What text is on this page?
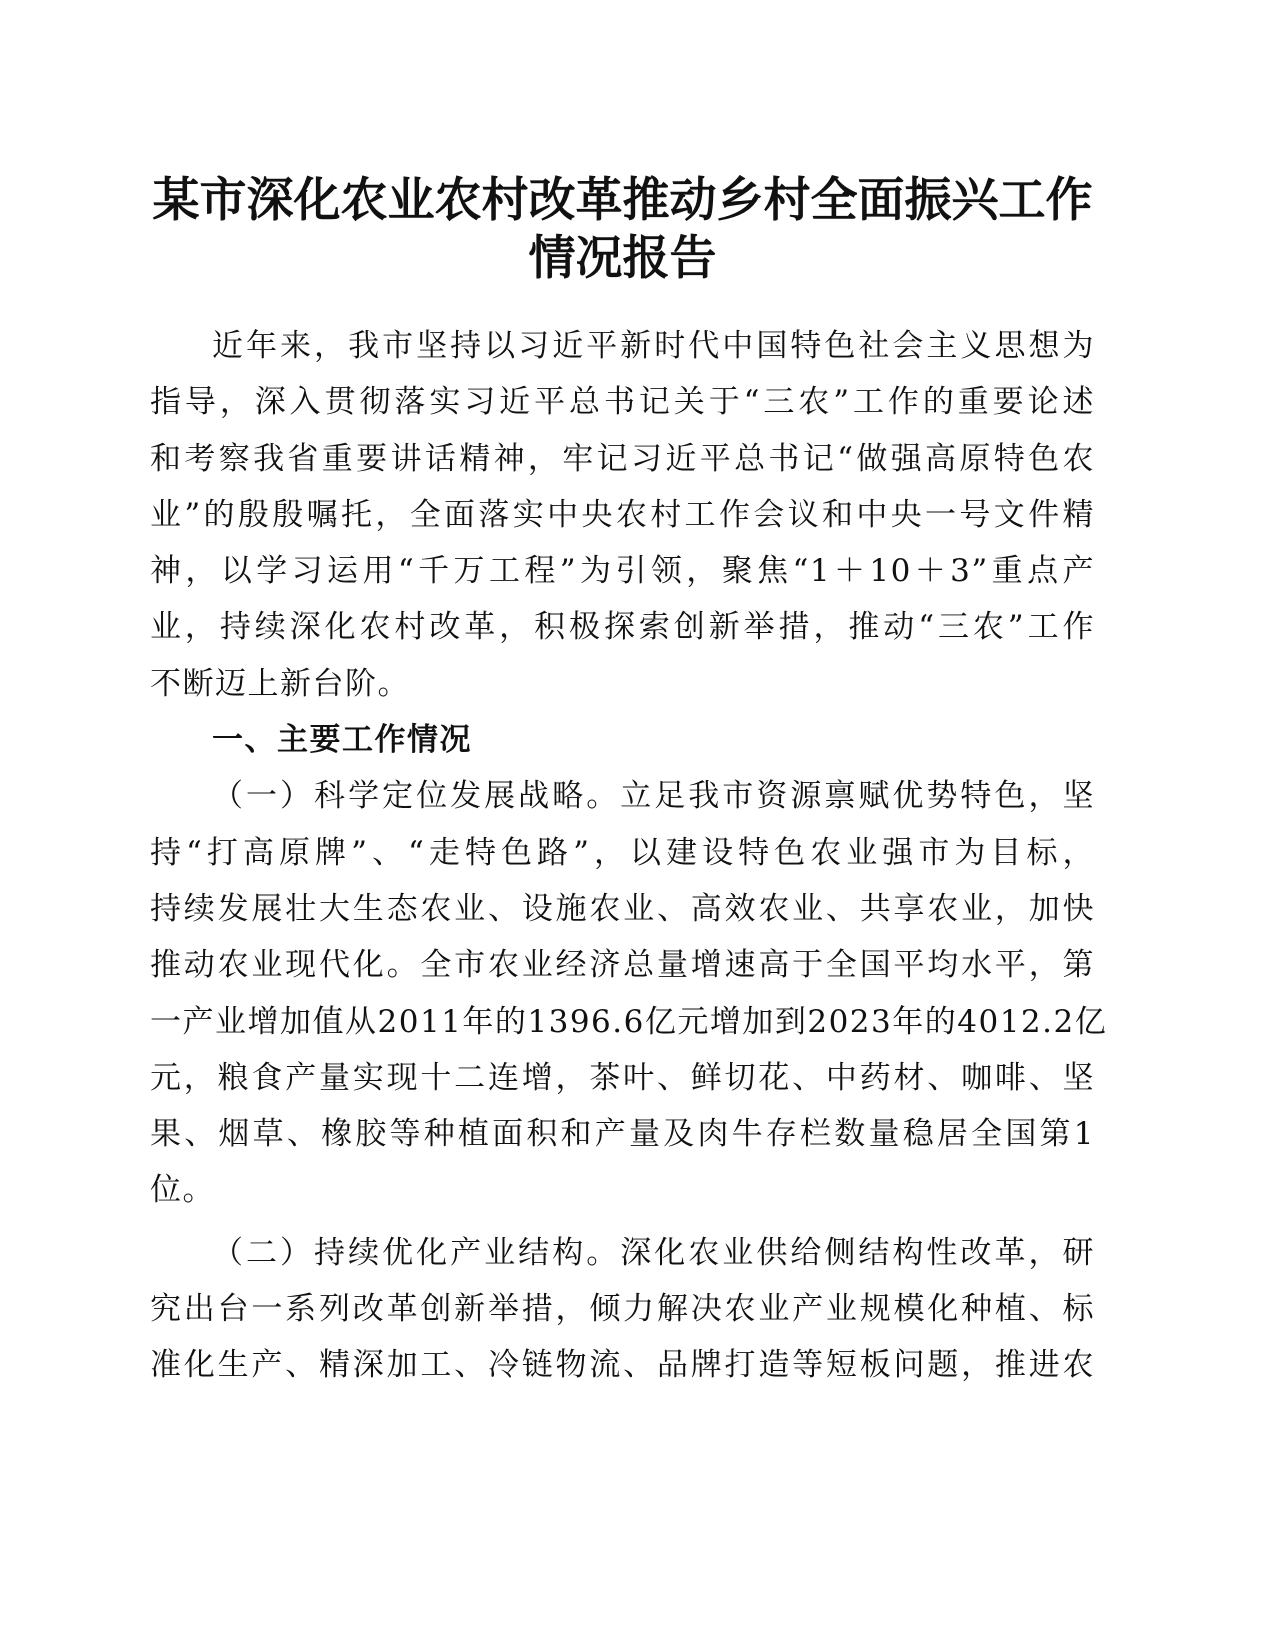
某市深化农业农村改革推动乡村全面振兴工作
情况报告

近年来，我市坚持以习近平新时代中国特色社会主义思想为
指导，深入贯彻落实习近平总书记关于“三农”工作的重要论述
和考察我省重要讲话精神，牢记习近平总书记“做强高原特色农
业”的殷殷嘱托，全面落实中央农村工作会议和中央一号文件精
神，以学习运用“千万工程”为引领，聚焦“1＋10＋3”重点产
业，持续深化农村改革，积极探索创新举措，推动“三农”工作
不断迈上新台阶。

一、主要工作情况

（一）科学定位发展战略。立足我市资源禀赋优势特色，坚
持“打高原牌”、“走特色路”，以建设特色农业强市为目标，
持续发展壮大生态农业、设施农业、高效农业、共享农业，加快
推动农业现代化。全市农业经济总量增速高于全国平均水平，第
一产业增加值从2011年的1396.6亿元增加到2023年的4012.2亿
元，粮食产量实现十二连增，茶叶、鲜切花、中药材、咖啡、坚
果、烟草、橡胶等种植面积和产量及肉牛存栏数量稳居全国第1
位。

（二）持续优化产业结构。深化农业供给侧结构性改革，研
究出台一系列改革创新举措，倾力解决农业产业规模化种植、标
准化生产、精深加工、冷链物流、品牌打造等短板问题，推进农
